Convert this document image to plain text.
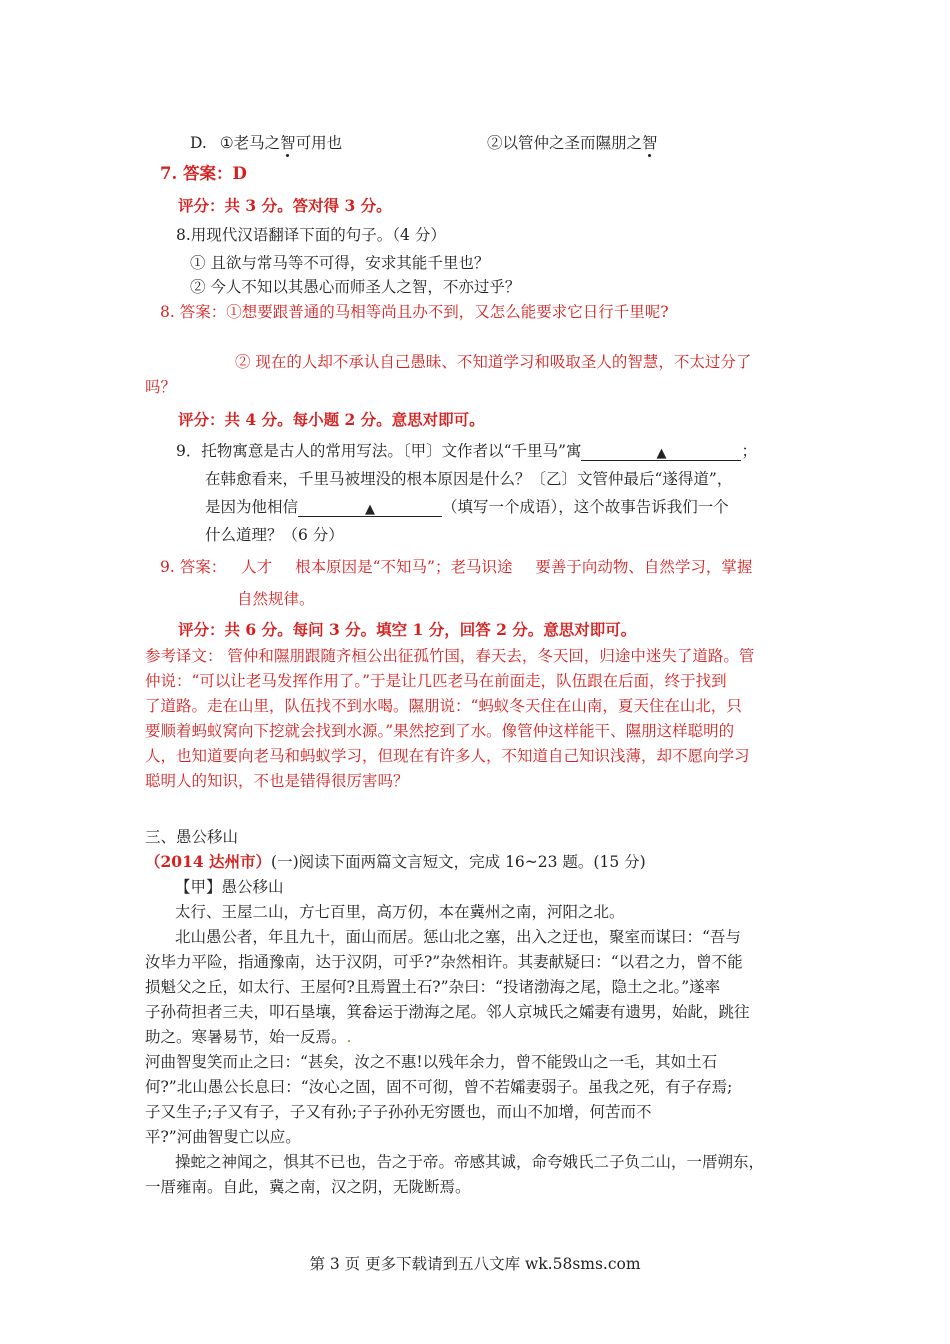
D. ①老马之智可用也	②以管仲之圣而隰朋之智
7. 答案：D
评分：共 3 分。答对得 3 分。
8.用现代汉语翻译下面的句子。（4 分）
① 且欲与常马等不可得，安求其能千里也？
② 今人不知以其愚心而师圣人之智，不亦过乎？
8. 答案：①想要跟普通的马相等尚且办不到，又怎么能要求它日行千里呢?
② 现在的人却不承认自己愚昧、不知道学习和吸取圣人的智慧，不太过分了
吗？
评分：共 4 分。每小题 2 分。意思对即可。
9．托物寓意是古人的常用写法。〔甲〕文作者以“千里马”寓	▲	；
在韩愈看来，千里马被埋没的根本原因是什么？〔乙〕文管仲最后“遂得道”，
是因为他相信	▲	（填写一个成语），这个故事告诉我们一个
什么道理？（6 分）
9. 答案： 人才 根本原因是“不知马”；老马识途 要善于向动物、自然学习，掌握
自然规律。
评分：共 6 分。每问 3 分。填空 1 分，回答 2 分。意思对即可。
参考译文： 管仲和隰朋跟随齐桓公出征孤竹国，春天去，冬天回，归途中迷失了道路。管
仲说：“可以让老马发挥作用了。”于是让几匹老马在前面走，队伍跟在后面，终于找到
了道路。走在山里，队伍找不到水喝。隰朋说：“蚂蚁冬天住在山南，夏天住在山北，只
要顺着蚂蚁窝向下挖就会找到水源。”果然挖到了水。像管仲这样能干、隰朋这样聪明的
人，也知道要向老马和蚂蚁学习，但现在有许多人，不知道自己知识浅薄，却不愿向学习
聪明人的知识，不也是错得很厉害吗？
三、愚公移山
（2014 达州市）(一)阅读下面两篇文言短文，完成 16~23 题。(15 分)
【甲】愚公移山
太行、王屋二山，方七百里，高万仞，本在冀州之南，河阳之北。
北山愚公者，年且九十，面山而居。惩山北之塞，出入之迂也，聚室而谋曰：“吾与
汝毕力平险，指通豫南，达于汉阴，可乎?”杂然相许。其妻献疑曰：“以君之力，曾不能
损魁父之丘，如太行、王屋何?且焉置土石?”杂曰：“投诸渤海之尾，隐土之北。”遂率
子孙荷担者三夫，叩石垦壤，箕畚运于渤海之尾。邻人京城氏之孀妻有遗男，始龀，跳往
助之。寒暑易节，始一反焉。.
河曲智叟笑而止之曰：“甚矣，汝之不惠!以残年余力，曾不能毁山之一毛，其如土石
何?”北山愚公长息曰：“汝心之固，固不可彻，曾不若孀妻弱子。虽我之死，有子存焉;
子又生子;子又有子，子又有孙;子子孙孙无穷匮也，而山不加增，何苦而不
平?”河曲智叟亡以应。
操蛇之神闻之，惧其不已也，告之于帝。帝感其诚，命夸娥氏二子负二山，一厝朔东，
一厝雍南。自此，冀之南，汉之阴，无陇断焉。
第 3 页 更多下载请到五八文库 wk.58sms.com
